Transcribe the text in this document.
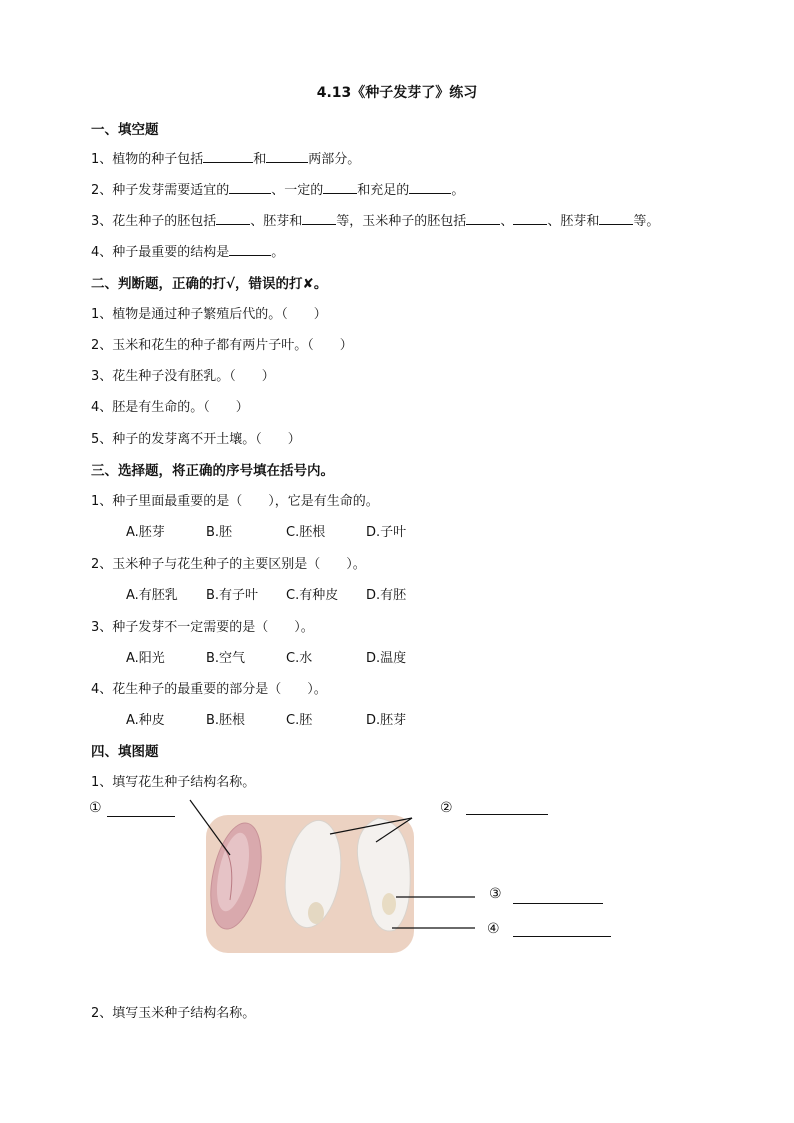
4.13《种子发芽了》练习
一、填空题
1、植物的种子包括	和	两部分。
2、种子发芽需要适宜的	、一定的	和充足的	。
3、花生种子的胚包括	、胚芽和	等，玉米种子的胚包括	、	、胚芽和	等。
4、种子最重要的结构是	。
二、判断题，正确的打√，错误的打✘。
1、植物是通过种子繁殖后代的。（　　）
2、玉米和花生的种子都有两片子叶。（　　）
3、花生种子没有胚乳。（　　）
4、胚是有生命的。（　　）
5、种子的发芽离不开土壤。（　　）
三、选择题，将正确的序号填在括号内。
1、种子里面最重要的是（　　），它是有生命的。
A.胚芽	B.胚	C.胚根	D.子叶
2、玉米种子与花生种子的主要区别是（　　）。
A.有胚乳 B.有子叶 C.有种皮 D.有胚
3、种子发芽不一定需要的是（　　）。
A.阳光	B.空气	C.水	D.温度
4、花生种子的最重要的部分是（　　）。
A.种皮	B.胚根	C.胚	D.胚芽
四、填图题
1、填写花生种子结构名称。
①	②
③
④
2、填写玉米种子结构名称。
